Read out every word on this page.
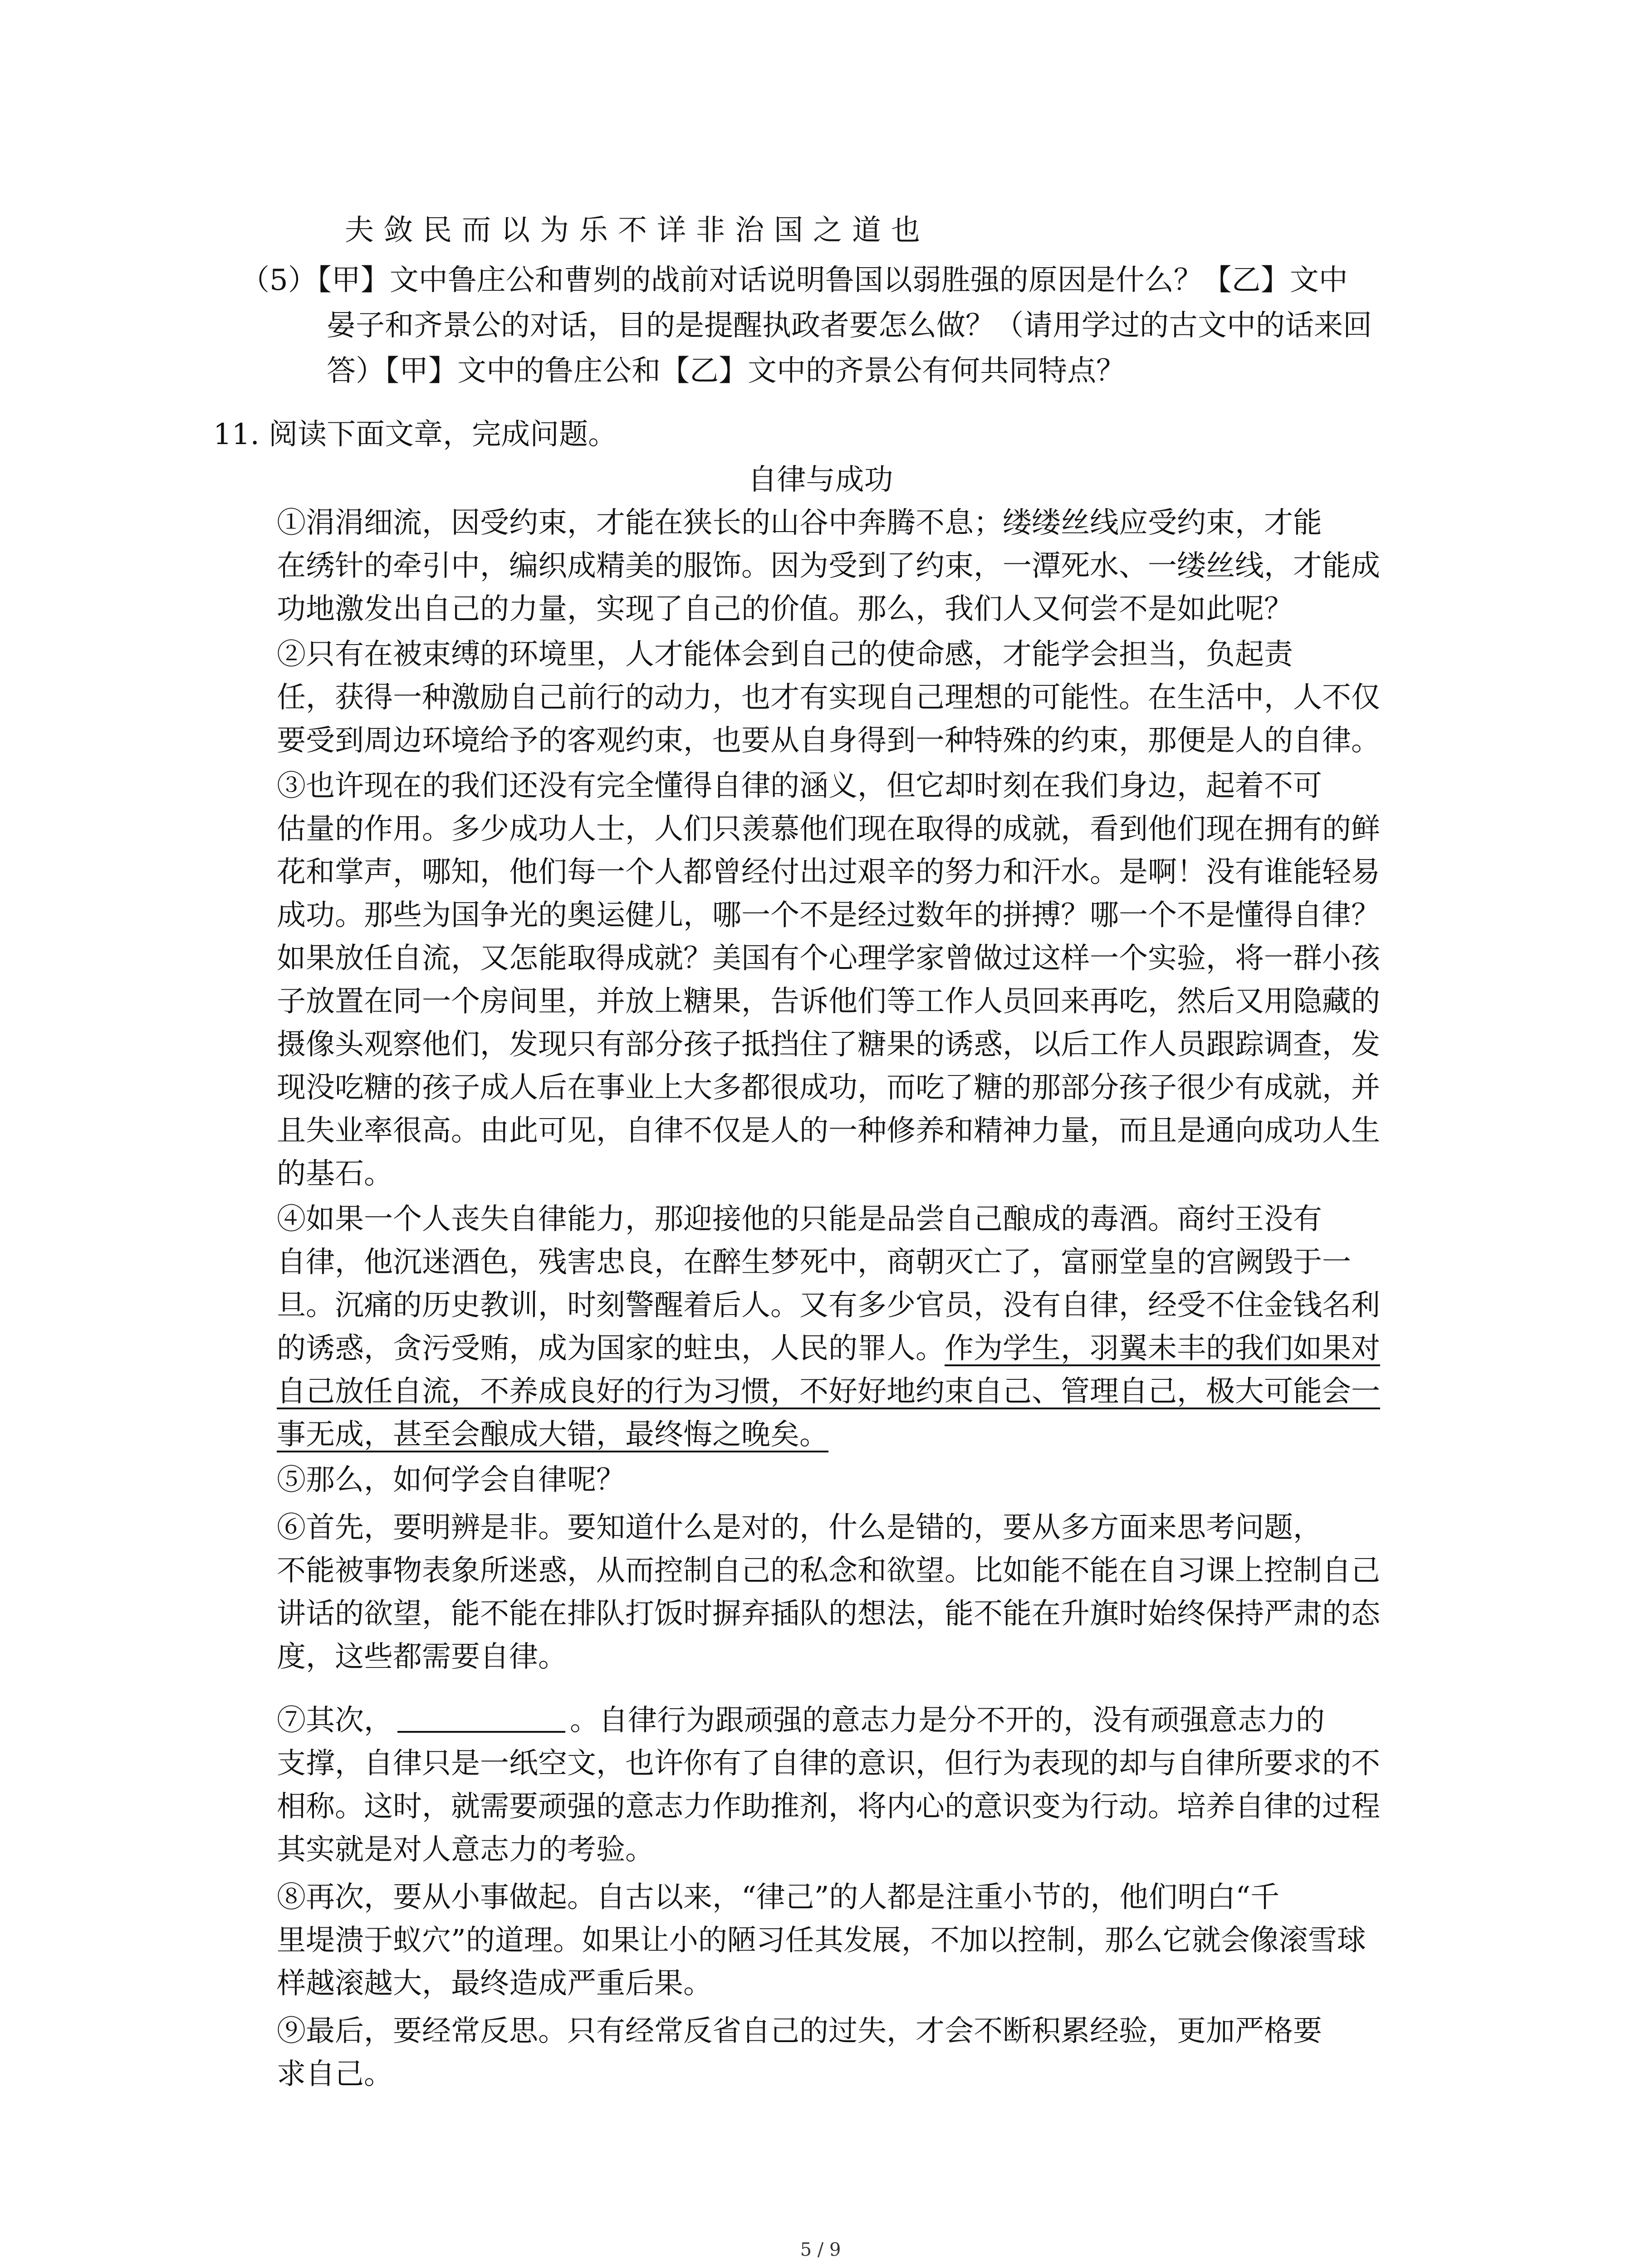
夫敛民而以为乐不详非治国之道也

（5）【甲】文中鲁庄公和曹刿的战前对话说明鲁国以弱胜强的原因是什么？【乙】文中

晏子和齐景公的对话，目的是提醒执政者要怎么做？（请用学过的古文中的话来回

答）【甲】文中的鲁庄公和【乙】文中的齐景公有何共同特点？

11. 阅读下面文章，完成问题。

自律与成功

①涓涓细流，因受约束，才能在狭长的山谷中奔腾不息；缕缕丝线应受约束，才能

在绣针的牵引中，编织成精美的服饰。因为受到了约束，一潭死水、一缕丝线，才能成

功地激发出自己的力量，实现了自己的价值。那么，我们人又何尝不是如此呢？

②只有在被束缚的环境里，人才能体会到自己的使命感，才能学会担当，负起责

任，获得一种激励自己前行的动力，也才有实现自己理想的可能性。在生活中，人不仅

要受到周边环境给予的客观约束，也要从自身得到一种特殊的约束，那便是人的自律。

③也许现在的我们还没有完全懂得自律的涵义，但它却时刻在我们身边，起着不可

估量的作用。多少成功人士，人们只羡慕他们现在取得的成就，看到他们现在拥有的鲜

花和掌声，哪知，他们每一个人都曾经付出过艰辛的努力和汗水。是啊！没有谁能轻易

成功。那些为国争光的奥运健儿，哪一个不是经过数年的拼搏？哪一个不是懂得自律？

如果放任自流，又怎能取得成就？美国有个心理学家曾做过这样一个实验，将一群小孩

子放置在同一个房间里，并放上糖果，告诉他们等工作人员回来再吃，然后又用隐藏的

摄像头观察他们，发现只有部分孩子抵挡住了糖果的诱惑，以后工作人员跟踪调查，发

现没吃糖的孩子成人后在事业上大多都很成功，而吃了糖的那部分孩子很少有成就，并

且失业率很高。由此可见，自律不仅是人的一种修养和精神力量，而且是通向成功人生

的基石。

④如果一个人丧失自律能力，那迎接他的只能是品尝自己酿成的毒酒。商纣王没有

自律，他沉迷酒色，残害忠良，在醉生梦死中，商朝灭亡了，富丽堂皇的宫阙毁于一

旦。沉痛的历史教训，时刻警醒着后人。又有多少官员，没有自律，经受不住金钱名利

的诱惑，贪污受贿，成为国家的蛀虫，人民的罪人。作为学生，羽翼未丰的我们如果对

自己放任自流，不养成良好的行为习惯，不好好地约束自己、管理自己，极大可能会一

事无成，甚至会酿成大错，最终悔之晚矣。

⑤那么，如何学会自律呢？

⑥首先，要明辨是非。要知道什么是对的，什么是错的，要从多方面来思考问题，

不能被事物表象所迷惑，从而控制自己的私念和欲望。比如能不能在自习课上控制自己

讲话的欲望，能不能在排队打饭时摒弃插队的想法，能不能在升旗时始终保持严肃的态

度，这些都需要自律。

⑦其次，	。自律行为跟顽强的意志力是分不开的，没有顽强意志力的

支撑，自律只是一纸空文，也许你有了自律的意识，但行为表现的却与自律所要求的不

相称。这时，就需要顽强的意志力作助推剂，将内心的意识变为行动。培养自律的过程

其实就是对人意志力的考验。

⑧再次，要从小事做起。自古以来，“律己”的人都是注重小节的，他们明白“千

里堤溃于蚁穴”的道理。如果让小的陋习任其发展，不加以控制，那么它就会像滚雪球

样越滚越大，最终造成严重后果。

⑨最后，要经常反思。只有经常反省自己的过失，才会不断积累经验，更加严格要

求自己。

5 / 9
